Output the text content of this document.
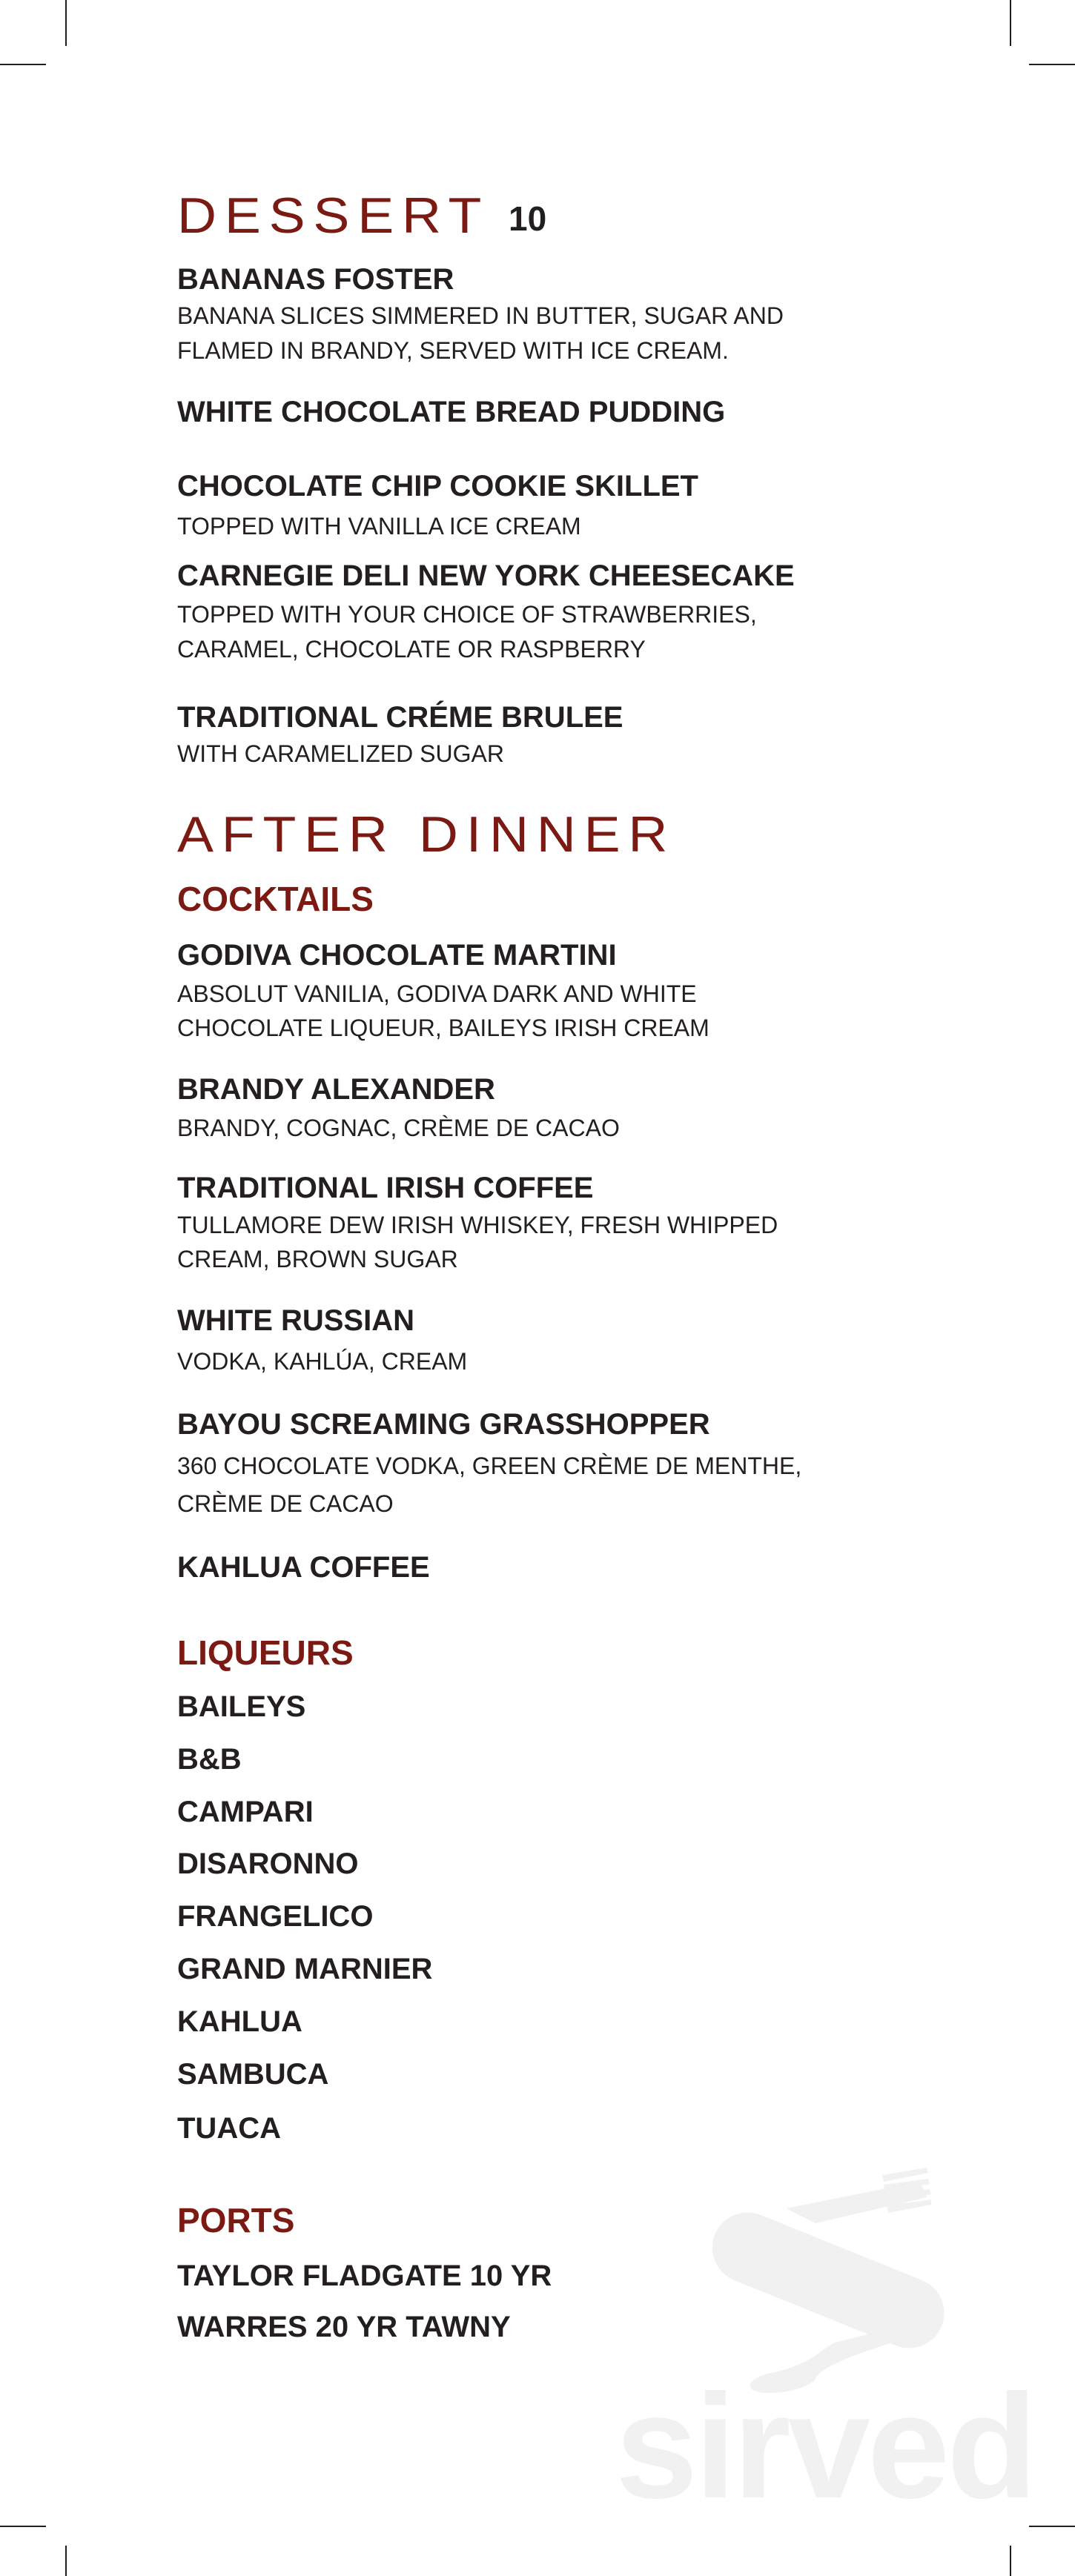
sirved
DESSERT 10
BANANAS FOSTER
BANANA SLICES SIMMERED IN BUTTER, SUGAR AND
FLAMED IN BRANDY, SERVED WITH ICE CREAM.
WHITE CHOCOLATE BREAD PUDDING
CHOCOLATE CHIP COOKIE SKILLET
TOPPED WITH VANILLA ICE CREAM
CARNEGIE DELI NEW YORK CHEESECAKE
TOPPED WITH YOUR CHOICE OF STRAWBERRIES,
CARAMEL, CHOCOLATE OR RASPBERRY
TRADITIONAL CRÉME BRULEE
WITH CARAMELIZED SUGAR
AFTER DINNER
COCKTAILS
GODIVA CHOCOLATE MARTINI
ABSOLUT VANILIA, GODIVA DARK AND WHITE
CHOCOLATE LIQUEUR, BAILEYS IRISH CREAM
BRANDY ALEXANDER
BRANDY, COGNAC, CRÈME DE CACAO
TRADITIONAL IRISH COFFEE
TULLAMORE DEW IRISH WHISKEY, FRESH WHIPPED
CREAM, BROWN SUGAR
WHITE RUSSIAN
VODKA, KAHLÚA, CREAM
BAYOU SCREAMING GRASSHOPPER
360 CHOCOLATE VODKA, GREEN CRÈME DE MENTHE,
CRÈME DE CACAO
KAHLUA COFFEE
LIQUEURS
BAILEYS
B&B
CAMPARI
DISARONNO
FRANGELICO
GRAND MARNIER
KAHLUA
SAMBUCA
TUACA
PORTS
TAYLOR FLADGATE 10 YR
WARRES 20 YR TAWNY
